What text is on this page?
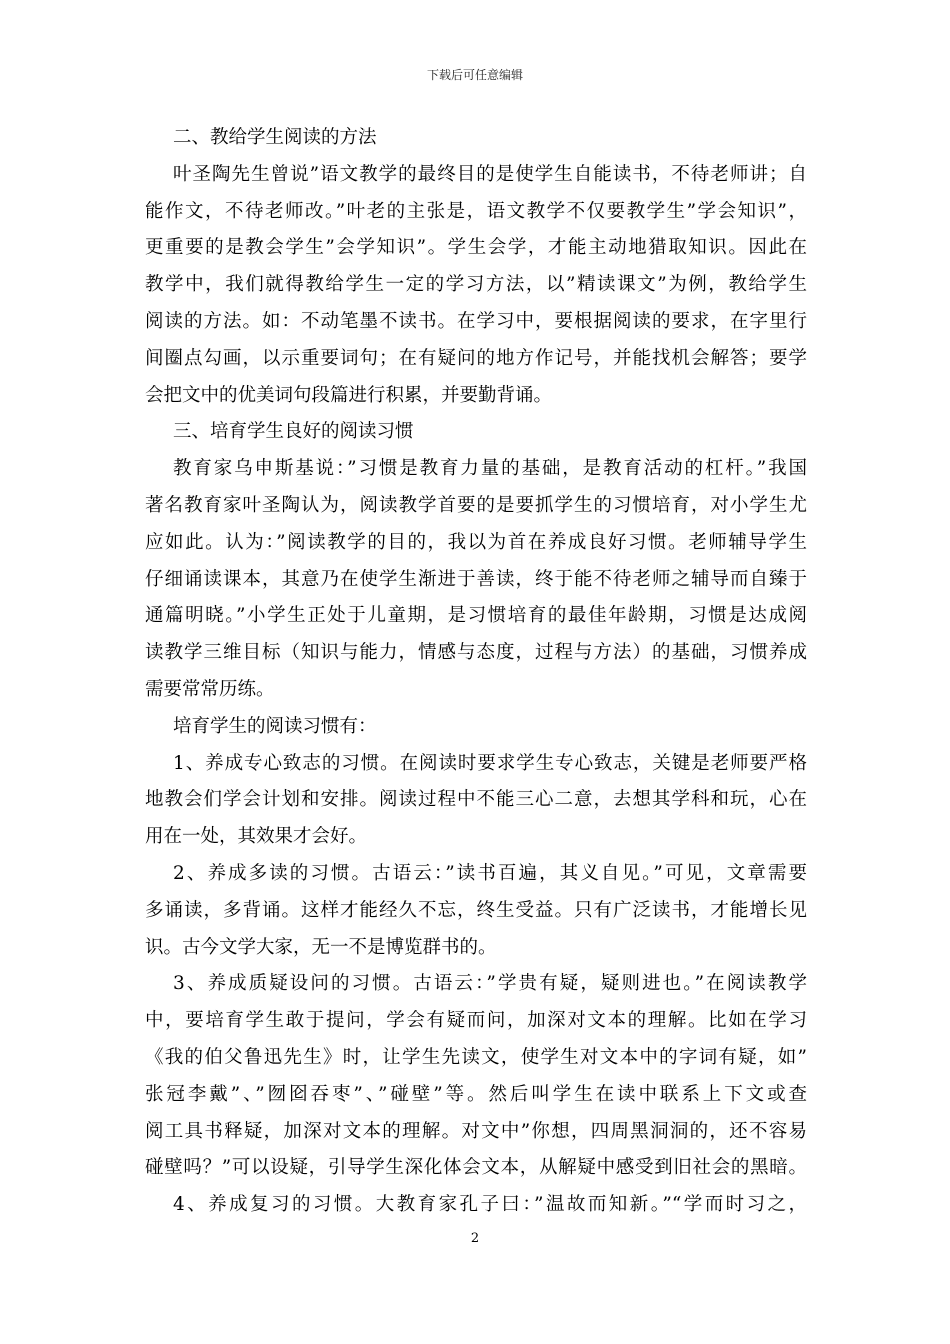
下载后可任意编辑
二、教给学生阅读的方法
叶圣陶先生曾说”语文教学的最终目的是使学生自能读书，不待老师讲；自
能作文，不待老师改。”叶老的主张是，语文教学不仅要教学生”学会知识”，
更重要的是教会学生”会学知识”。学生会学，才能主动地猎取知识。因此在
教学中，我们就得教给学生一定的学习方法，以”精读课文”为例，教给学生
阅读的方法。如：不动笔墨不读书。在学习中，要根据阅读的要求，在字里行
间圈点勾画，以示重要词句；在有疑问的地方作记号，并能找机会解答；要学
会把文中的优美词句段篇进行积累，并要勤背诵。
三、培育学生良好的阅读习惯
教育家乌申斯基说：”习惯是教育力量的基础，是教育活动的杠杆。”我国
著名教育家叶圣陶认为，阅读教学首要的是要抓学生的习惯培育，对小学生尤
应如此。认为：”阅读教学的目的，我以为首在养成良好习惯。老师辅导学生
仔细诵读课本，其意乃在使学生渐进于善读，终于能不待老师之辅导而自臻于
通篇明晓。”小学生正处于儿童期，是习惯培育的最佳年龄期，习惯是达成阅
读教学三维目标（知识与能力，情感与态度，过程与方法）的基础，习惯养成
需要常常历练。
培育学生的阅读习惯有：
1、养成专心致志的习惯。在阅读时要求学生专心致志，关键是老师要严格
地教会们学会计划和安排。阅读过程中不能三心二意，去想其学科和玩，心在
用在一处，其效果才会好。
2、养成多读的习惯。古语云：”读书百遍，其义自见。”可见，文章需要
多诵读，多背诵。这样才能经久不忘，终生受益。只有广泛读书，才能增长见
识。古今文学大家，无一不是博览群书的。
3、养成质疑设问的习惯。古语云：”学贵有疑，疑则进也。”在阅读教学
中，要培育学生敢于提问，学会有疑而问，加深对文本的理解。比如在学习
《我的伯父鲁迅先生》时，让学生先读文，使学生对文本中的字词有疑，如”
张冠李戴”、”囫囵吞枣”、”碰壁”等。然后叫学生在读中联系上下文或查
阅工具书释疑，加深对文本的理解。对文中”你想，四周黑洞洞的，还不容易
碰壁吗？”可以设疑，引导学生深化体会文本，从解疑中感受到旧社会的黑暗。
4、养成复习的习惯。大教育家孔子曰：”温故而知新。”“学而时习之，
2
